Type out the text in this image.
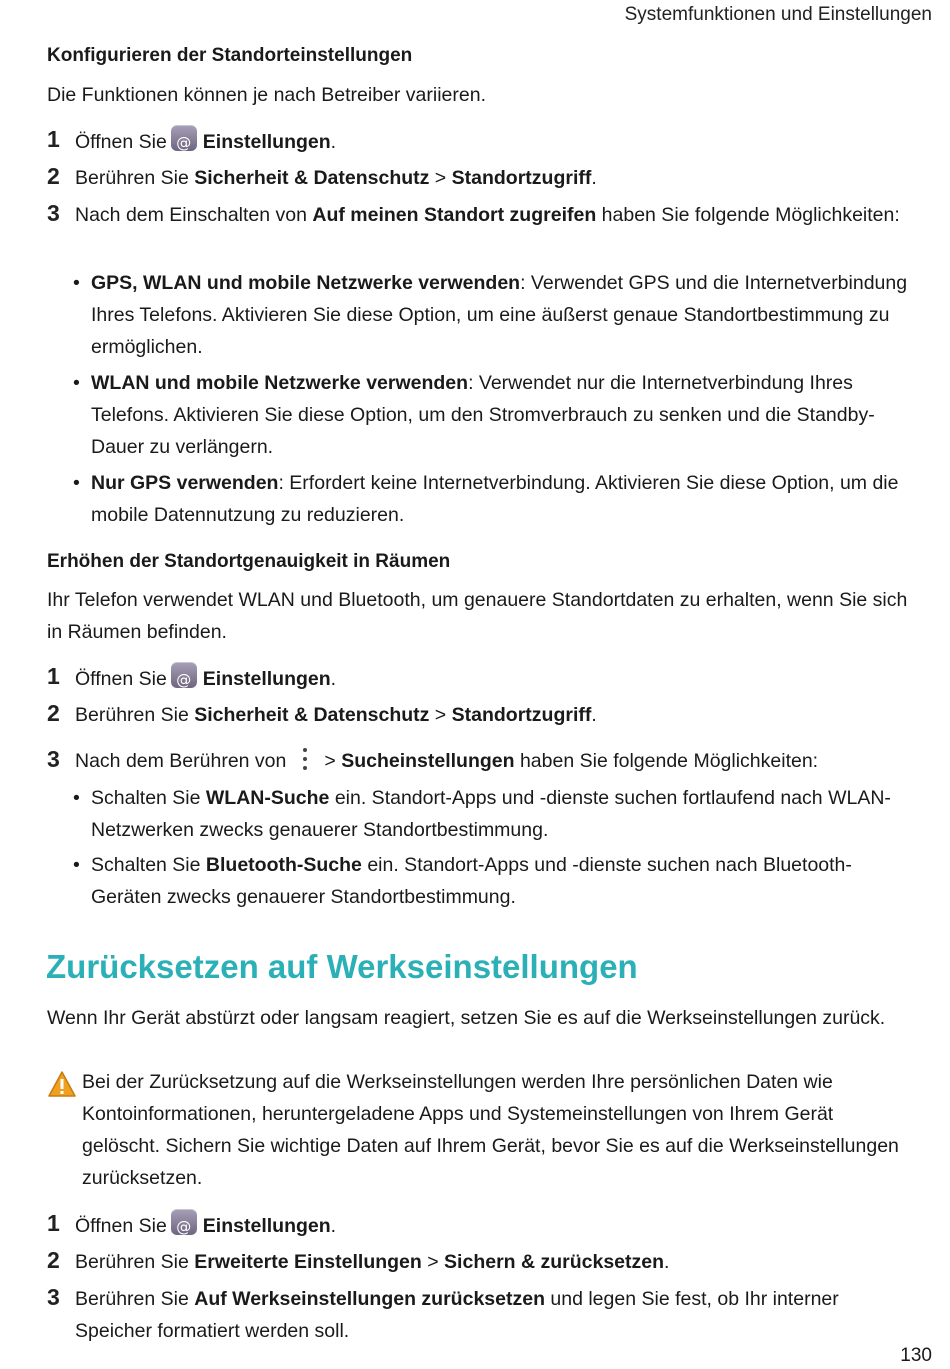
Systemfunktionen und Einstellungen
Konfigurieren der Standorteinstellungen
Die Funktionen können je nach Betreiber variieren.
1 Öffnen Sie @ Einstellungen.
2 Berühren Sie Sicherheit & Datenschutz > Standortzugriff.
3 Nach dem Einschalten von Auf meinen Standort zugreifen haben Sie folgende Möglichkeiten:
• GPS, WLAN und mobile Netzwerke verwenden: Verwendet GPS und die Internetverbindung Ihres Telefons. Aktivieren Sie diese Option, um eine äußerst genaue Standortbestimmung zu ermöglichen.
• WLAN und mobile Netzwerke verwenden: Verwendet nur die Internetverbindung Ihres Telefons. Aktivieren Sie diese Option, um den Stromverbrauch zu senken und die Standby-Dauer zu verlängern.
• Nur GPS verwenden: Erfordert keine Internetverbindung. Aktivieren Sie diese Option, um die mobile Datennutzung zu reduzieren.
Erhöhen der Standortgenauigkeit in Räumen
Ihr Telefon verwendet WLAN und Bluetooth, um genauere Standortdaten zu erhalten, wenn Sie sich in Räumen befinden.
1 Öffnen Sie @ Einstellungen.
2 Berühren Sie Sicherheit & Datenschutz > Standortzugriff.
3 Nach dem Berühren von > Sucheinstellungen haben Sie folgende Möglichkeiten:
• Schalten Sie WLAN-Suche ein. Standort-Apps und -dienste suchen fortlaufend nach WLAN-Netzwerken zwecks genauerer Standortbestimmung.
• Schalten Sie Bluetooth-Suche ein. Standort-Apps und -dienste suchen nach Bluetooth-Geräten zwecks genauerer Standortbestimmung.
Zurücksetzen auf Werkseinstellungen
Wenn Ihr Gerät abstürzt oder langsam reagiert, setzen Sie es auf die Werkseinstellungen zurück.
Bei der Zurücksetzung auf die Werkseinstellungen werden Ihre persönlichen Daten wie Kontoinformationen, heruntergeladene Apps und Systemeinstellungen von Ihrem Gerät gelöscht. Sichern Sie wichtige Daten auf Ihrem Gerät, bevor Sie es auf die Werkseinstellungen zurücksetzen.
1 Öffnen Sie @ Einstellungen.
2 Berühren Sie Erweiterte Einstellungen > Sichern & zurücksetzen.
3 Berühren Sie Auf Werkseinstellungen zurücksetzen und legen Sie fest, ob Ihr interner Speicher formatiert werden soll.
130
